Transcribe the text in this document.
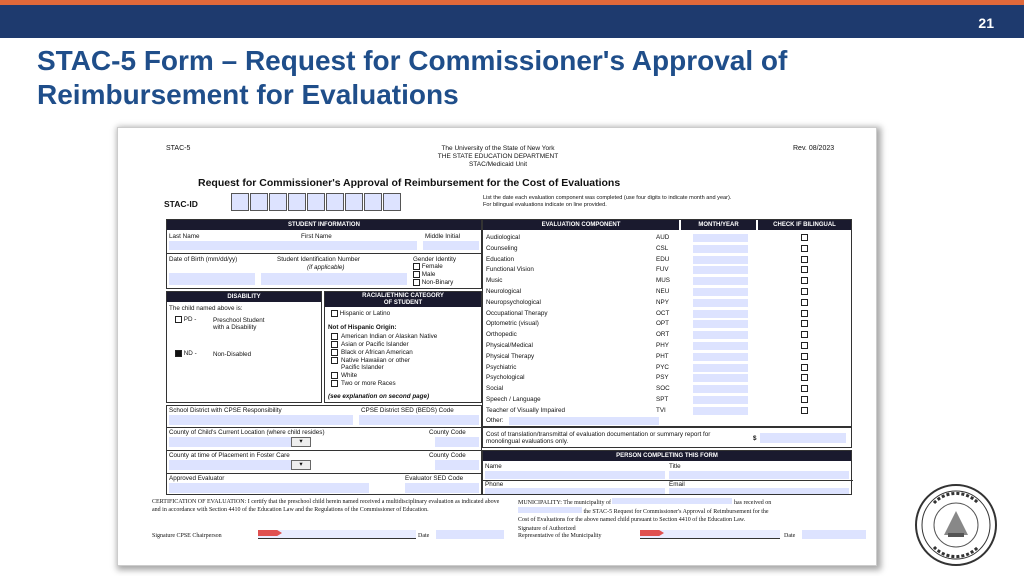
21
STAC-5 Form – Request for Commissioner's Approval of Reimbursement for Evaluations
STAC-5	The University of the State of New York
THE STATE EDUCATION DEPARTMENT
STAC/Medicaid Unit
Rev. 08/2023
Request for Commissioner's Approval of Reimbursement for the Cost of Evaluations
STAC-ID
List the date each evaluation component was completed (use four digits to indicate month and year).
For bilingual evaluations indicate on line provided.
STUDENT INFORMATION
Last Name	First Name	Middle Initial
Date of Birth (mm/dd/yy)	Student Identification Number
(if applicable)
Gender Identity
Female
Male
Non-Binary
DISABILITY
The child named above is:
PD -	Preschool Student
with a Disability
ND -	Non-Disabled
RACIAL/ETHNIC CATEGORY
OF STUDENT
Hispanic or Latino
Not of Hispanic Origin:
American Indian or Alaskan Native
Asian or Pacific Islander
Black or African American
Native Hawaiian or other
Pacific Islander
White
Two or more Races
(see explanation on second page)
School District with CPSE Responsibility	CPSE District SED (BEDS) Code
County of Child's Current Location (where child resides)	County Code
▾
County at time of Placement in Foster Care	County Code
▾
Approved Evaluator	Evaluator SED Code
EVALUATION COMPONENT	MONTH/YEAR	CHECK IF BILINGUAL
Audiological	AUD
Counseling	CSL
Education	EDU
Functional Vision	FUV
Music	MUS
Neurological	NEU
Neuropsychological	NPY
Occupational Therapy	OCT
Optometric (visual)	OPT
Orthopedic	ORT
Physical/Medical	PHY
Physical Therapy	PHT
Psychiatric	PYC
Psychological	PSY
Social	SOC
Speech / Language	SPT
Teacher of Visually Impaired	TVI
Other:
Cost of translation/transmittal of evaluation documentation or summary report for monolingual evaluations only.	$
PERSON COMPLETING THIS FORM
Name	Title
Phone	Email
CERTIFICATION OF EVALUATION: I certify that the preschool child herein named received a multidisciplinary evaluation as indicated above and in accordance with Section 4410 of the Education Law and the Regulations of the Commissioner of Education.
Signature CPSE Chairperson	Date
MUNICIPALITY: The municipality of	has received on
the STAC-5 Request for Commissioner's Approval of Reimbursement for the
Cost of Evaluations for the above named child pursuant to Section 4410 of the Education Law.
Signature of Authorized
Representative of the Municipality	Date
